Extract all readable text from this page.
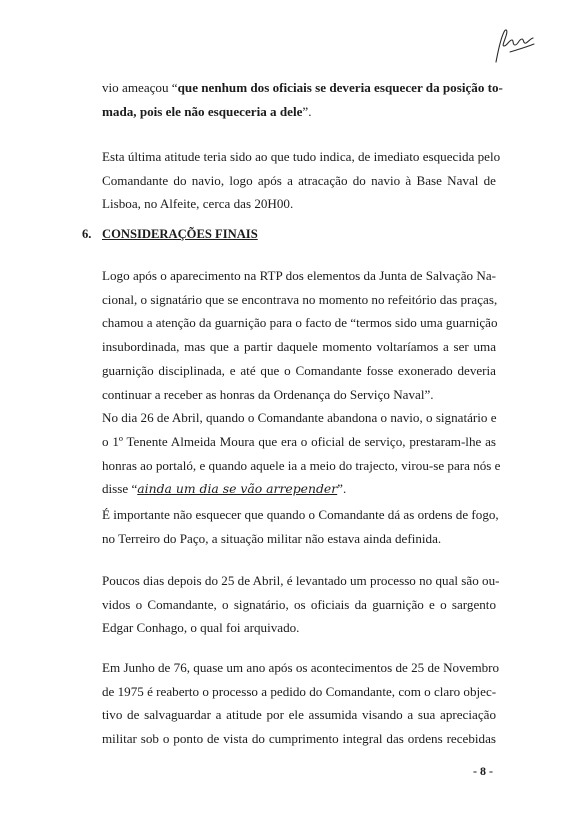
vio ameaçou “que nenhum dos oficiais se deveria esquecer da posição to-
mada, pois ele não esqueceria a dele”.

Esta última atitude teria sido ao que tudo indica, de imediato esquecida pelo
Comandante do navio, logo após a atracação do navio à Base Naval de
Lisboa, no Alfeite, cerca das 20H00.

6. CONSIDERAÇÕES FINAIS

Logo após o aparecimento na RTP dos elementos da Junta de Salvação Na-
cional, o signatário que se encontrava no momento no refeitório das praças,
chamou a atenção da guarnição para o facto de “termos sido uma guarnição
insubordinada, mas que a partir daquele momento voltaríamos a ser uma
guarnição disciplinada, e até que o Comandante fosse exonerado deveria
continuar a receber as honras da Ordenança do Serviço Naval”.
No dia 26 de Abril, quando o Comandante abandona o navio, o signatário e
o 1º Tenente Almeida Moura que era o oficial de serviço, prestaram-lhe as
honras ao portaló, e quando aquele ia a meio do trajecto, virou-se para nós e
disse “ainda um dia se vão arrepender”.

É importante não esquecer que quando o Comandante dá as ordens de fogo,
no Terreiro do Paço, a situação militar não estava ainda definida.

Poucos dias depois do 25 de Abril, é levantado um processo no qual são ou-
vidos o Comandante, o signatário, os oficiais da guarnição e o sargento
Edgar Conhago, o qual foi arquivado.

Em Junho de 76, quase um ano após os acontecimentos de 25 de Novembro
de 1975 é reaberto o processo a pedido do Comandante, com o claro objec-
tivo de salvaguardar a atitude por ele assumida visando a sua apreciação
militar sob o ponto de vista do cumprimento integral das ordens recebidas

- 8 -
